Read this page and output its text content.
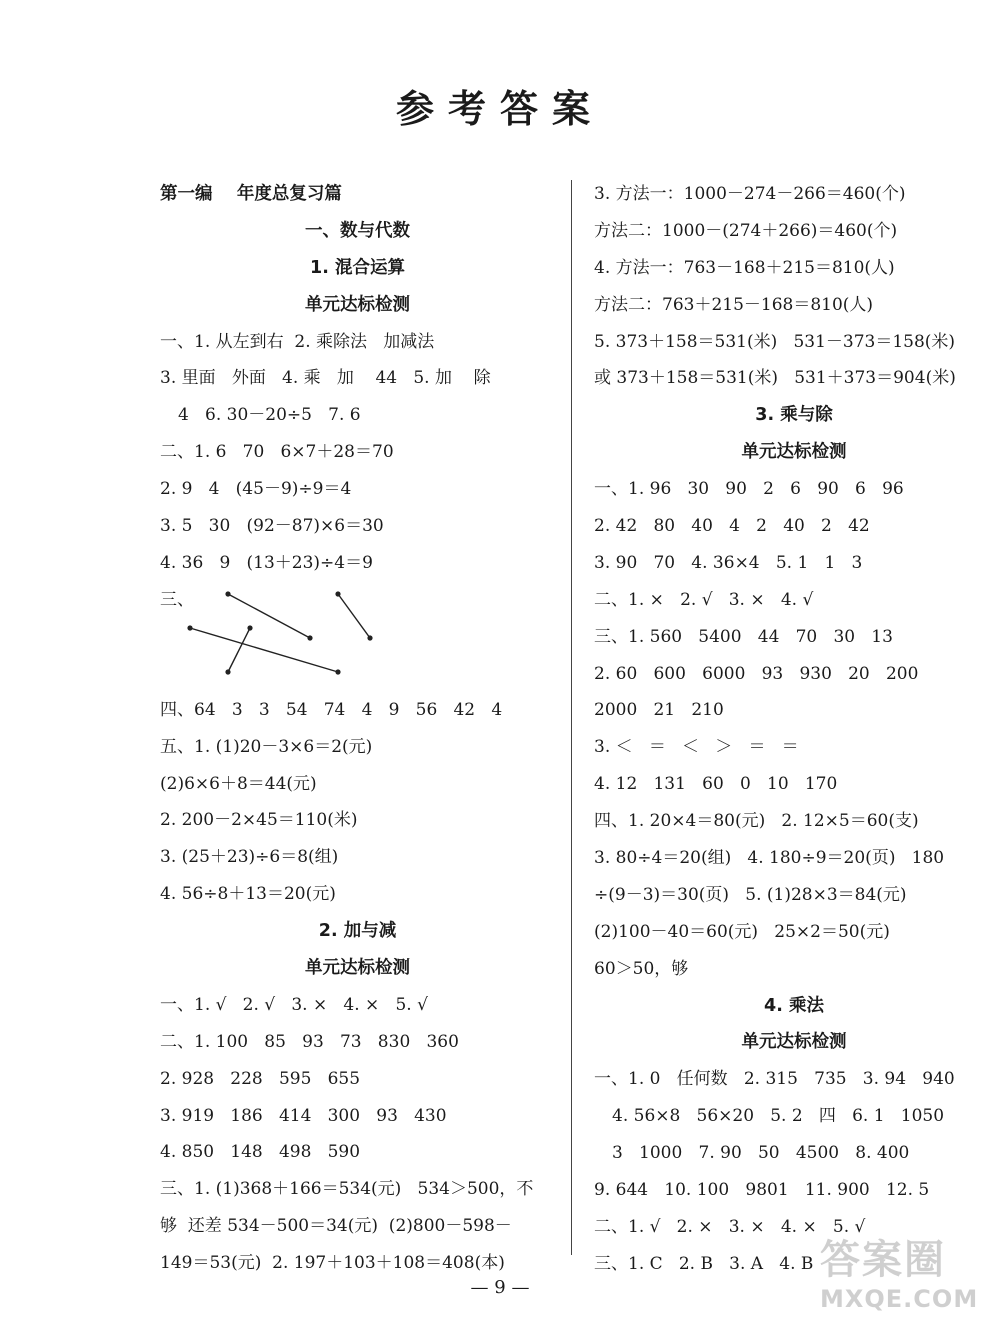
参考答案
第一编    年度总复习篇
一、数与代数
1. 混合运算
单元达标检测
一、1. 从左到右  2. 乘除法   加减法
3. 里面   外面   4. 乘   加    44   5. 加    除
4   6. 30－20÷5   7. 6
二、1. 6   70   6×7＋28＝70
2. 9   4   (45－9)÷9＝4
3. 5   30   (92－87)×6＝30
4. 36   9   (13＋23)÷4＝9
三、
四、64   3   3   54   74   4   9   56   42   4
五、1. (1)20－3×6＝2(元)
(2)6×6＋8＝44(元)
2. 200－2×45＝110(米)
3. (25＋23)÷6＝8(组)
4. 56÷8＋13＝20(元)
2. 加与减
单元达标检测
一、1. √   2. √   3. ×   4. ×   5. √
二、1. 100   85   93   73   830   360
2. 928   228   595   655
3. 919   186   414   300   93   430
4. 850   148   498   590
三、1. (1)368＋166＝534(元)   534＞500，不
够  还差 534－500＝34(元)  (2)800－598－
149＝53(元)  2. 197＋103＋108＝408(本)
3. 方法一：1000－274－266＝460(个)
方法二：1000－(274＋266)＝460(个)
4. 方法一：763－168＋215＝810(人)
方法二：763＋215－168＝810(人)
5. 373＋158＝531(米)   531－373＝158(米)
或 373＋158＝531(米)   531＋373＝904(米)
3. 乘与除
单元达标检测
一、1. 96   30   90   2   6   90   6   96
2. 42   80   40   4   2   40   2   42
3. 90   70   4. 36×4   5. 1   1   3
二、1. ×   2. √   3. ×   4. √
三、1. 560   5400   44   70   30   13
2. 60   600   6000   93   930   20   200
2000   21   210
3. ＜   ＝   ＜   ＞   ＝   ＝
4. 12   131   60   0   10   170
四、1. 20×4＝80(元)   2. 12×5＝60(支)
3. 80÷4＝20(组)   4. 180÷9＝20(页)   180
÷(9－3)＝30(页)   5. (1)28×3＝84(元)
(2)100－40＝60(元)   25×2＝50(元)
60＞50，够
4. 乘法
单元达标检测
一、1. 0   任何数   2. 315   735   3. 94   940
4. 56×8   56×20   5. 2   四   6. 1   1050
3   1000   7. 90   50   4500   8. 400
9. 644   10. 100   9801   11. 900   12. 5
二、1. √   2. ×   3. ×   4. ×   5. √
三、1. C   2. B   3. A   4. B
— 9 —
答案圈
MXQE.COM
